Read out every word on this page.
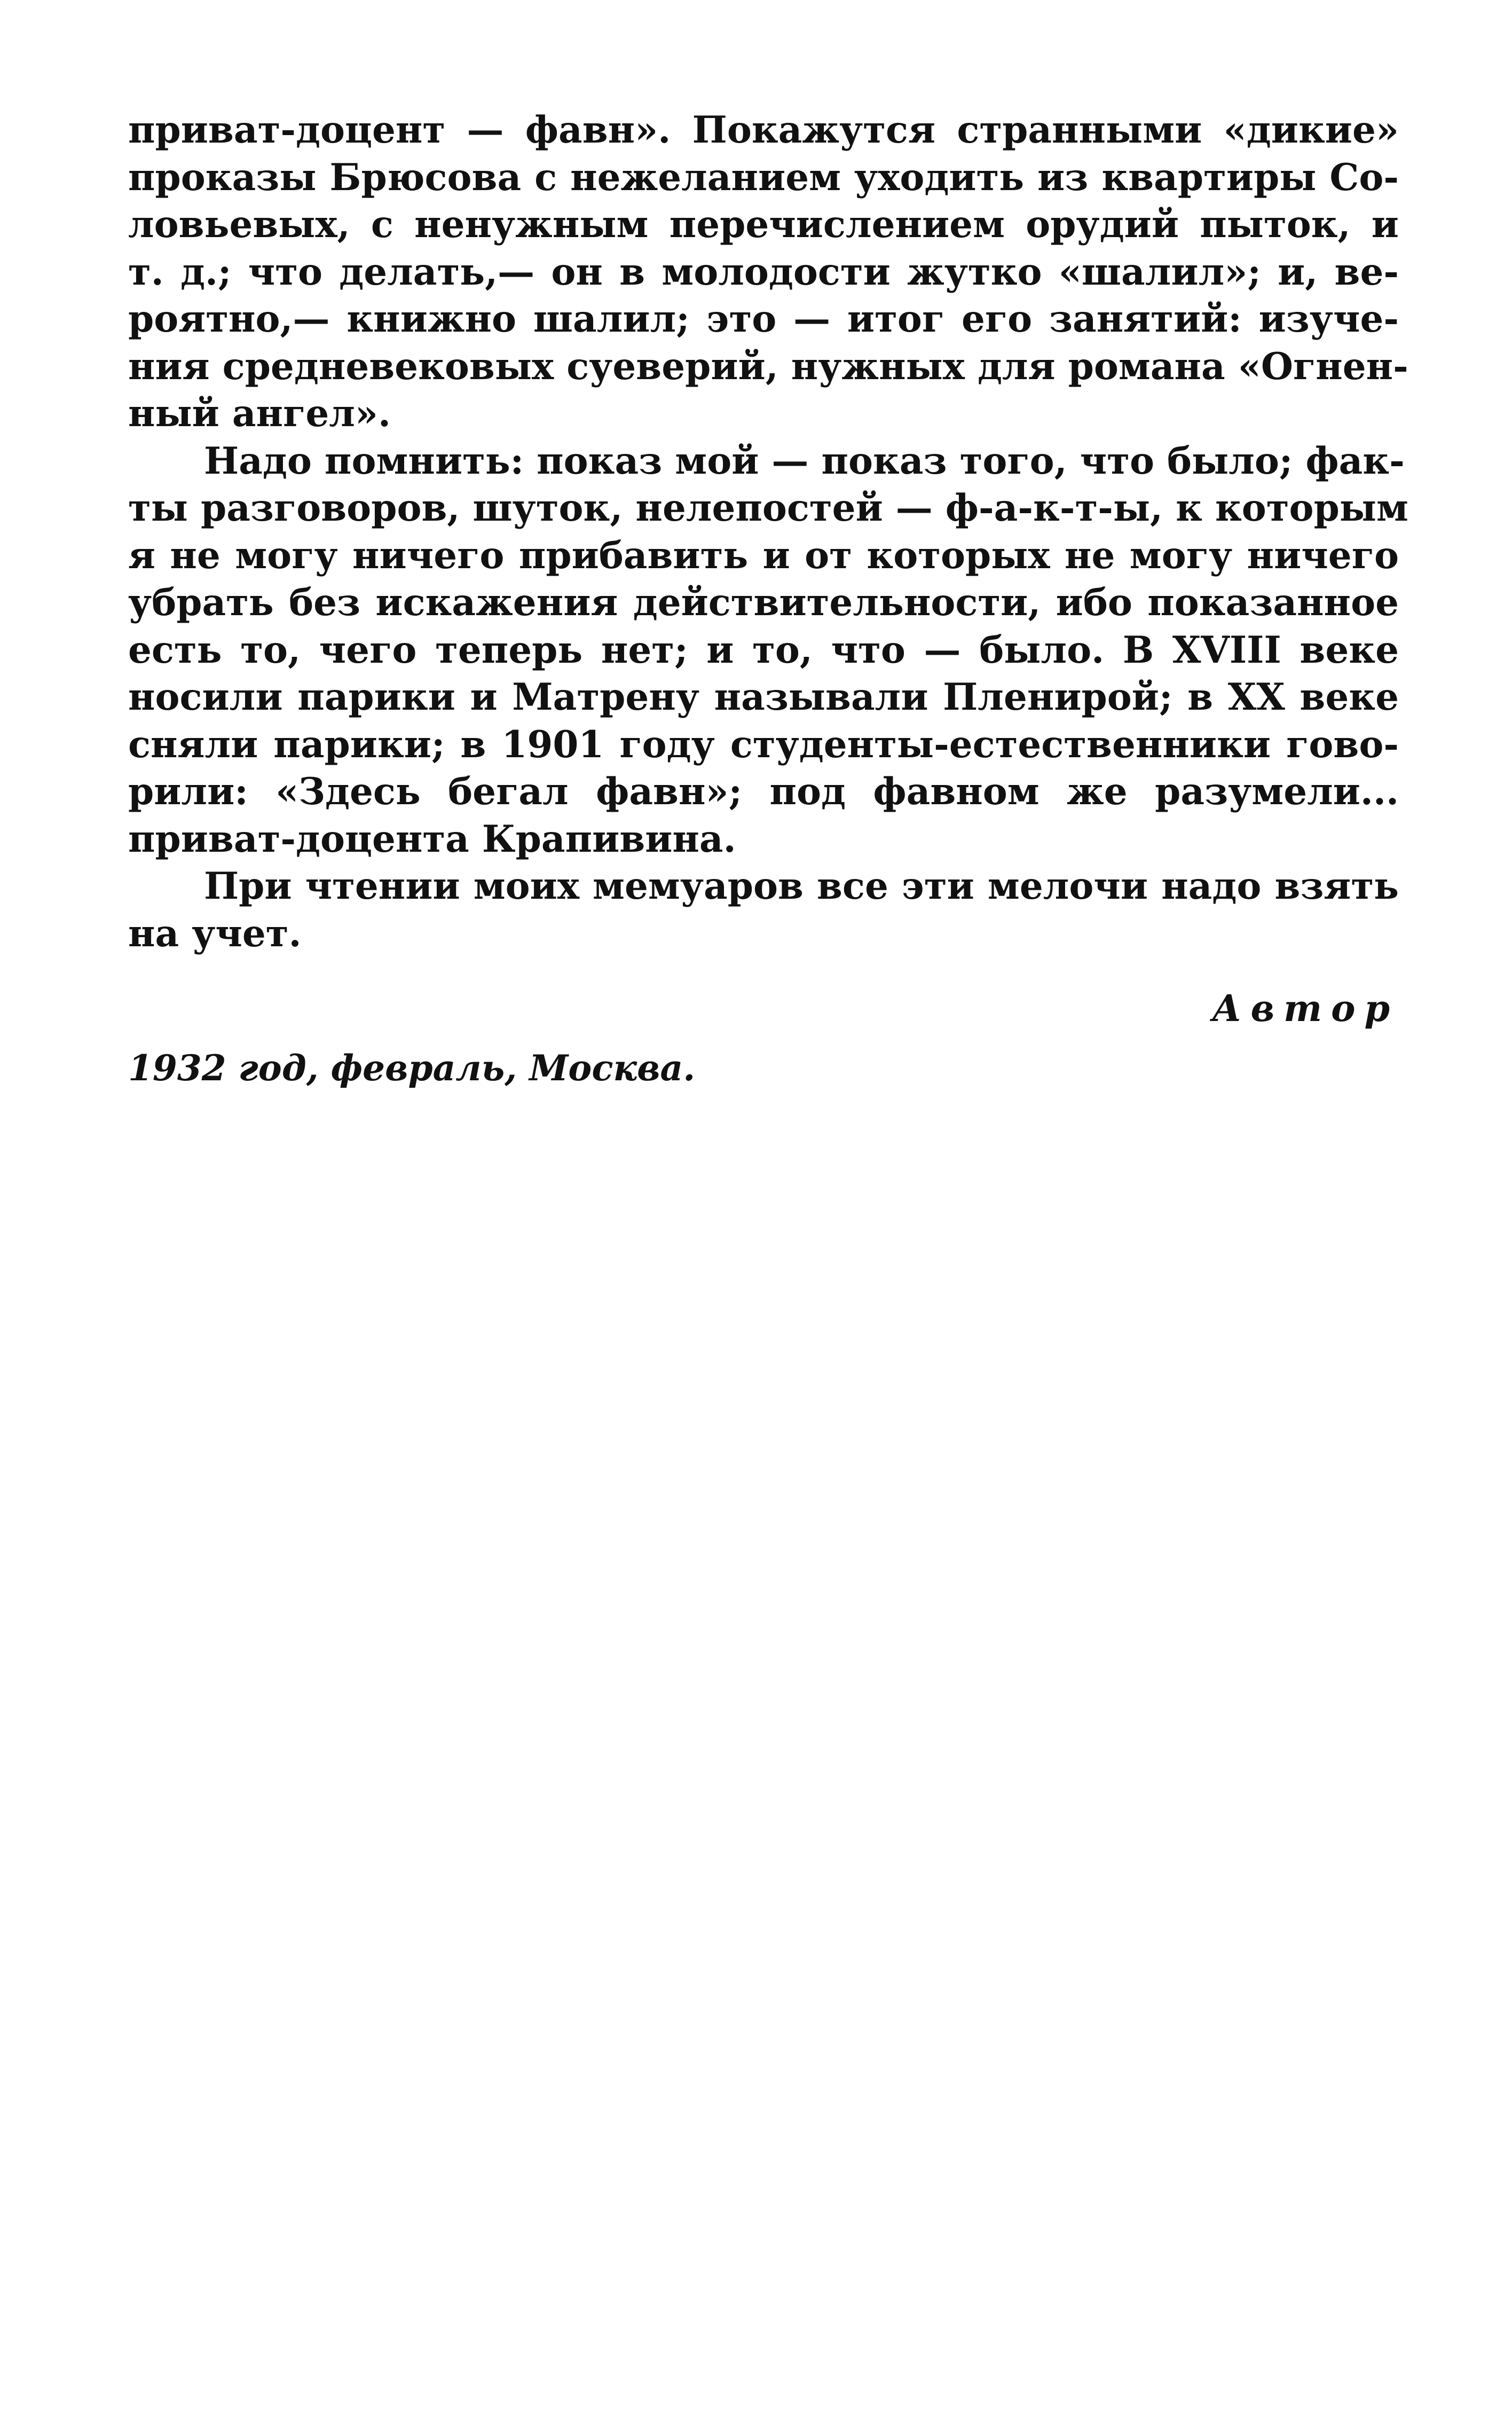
приват-доцент — фавн». Покажутся странными «дикие»
проказы Брюсова с нежеланием уходить из квартиры Со-
ловьевых, с ненужным перечислением орудий пыток, и
т. д.; что делать,— он в молодости жутко «шалил»; и, ве-
роятно,— книжно шалил; это — итог его занятий: изуче-
ния средневековых суеверий, нужных для романа «Огнен-
ный ангел».
Надо помнить: показ мой — показ того, что было; фак-
ты разговоров, шуток, нелепостей — ф-а-к-т-ы, к которым
я не могу ничего прибавить и от которых не могу ничего
убрать без искажения действительности, ибо показанное
есть то, чего теперь нет; и то, что — было. В XVIII веке
носили парики и Матрену называли Пленирой; в XX веке
сняли парики; в 1901 году студенты-естественники гово-
рили: «Здесь бегал фавн»; под фавном же разумели...
приват-доцента Крапивина.
При чтении моих мемуаров все эти мелочи надо взять
на учет.
Автор
1932 год, февраль, Москва.
